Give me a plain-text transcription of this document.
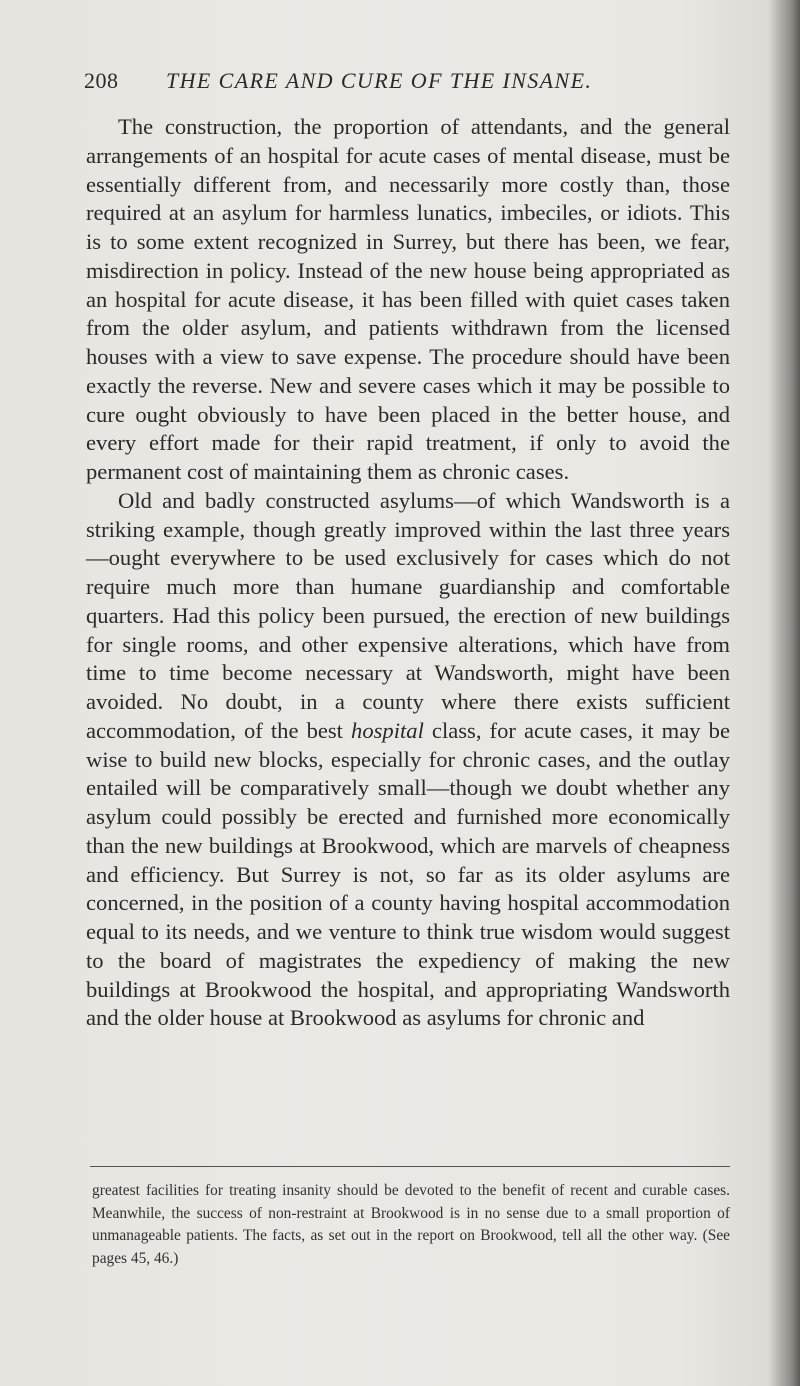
208 THE CARE AND CURE OF THE INSANE.

The construction, the proportion of attendants, and the general arrangements of an hospital for acute cases of mental disease, must be essentially different from, and necessarily more costly than, those required at an asylum for harmless lunatics, imbeciles, or idiots. This is to some extent recognized in Surrey, but there has been, we fear, misdirection in policy. Instead of the new house being appropriated as an hospital for acute disease, it has been filled with quiet cases taken from the older asylum, and patients withdrawn from the licensed houses with a view to save expense. The procedure should have been exactly the reverse. New and severe cases which it may be possible to cure ought obviously to have been placed in the better house, and every effort made for their rapid treatment, if only to avoid the permanent cost of maintaining them as chronic cases.

Old and badly constructed asylums—of which Wandsworth is a striking example, though greatly improved within the last three years—ought everywhere to be used exclusively for cases which do not require much more than humane guardianship and comfortable quarters. Had this policy been pursued, the erection of new buildings for single rooms, and other expensive alterations, which have from time to time become necessary at Wandsworth, might have been avoided. No doubt, in a county where there exists sufficient accommodation, of the best hospital class, for acute cases, it may be wise to build new blocks, especially for chronic cases, and the outlay entailed will be comparatively small—though we doubt whether any asylum could possibly be erected and furnished more economically than the new buildings at Brookwood, which are marvels of cheapness and efficiency. But Surrey is not, so far as its older asylums are concerned, in the position of a county having hospital accommodation equal to its needs, and we venture to think true wisdom would suggest to the board of magistrates the expediency of making the new buildings at Brookwood the hospital, and appropriating Wandsworth and the older house at Brookwood as asylums for chronic and

greatest facilities for treating insanity should be devoted to the benefit of recent and curable cases. Meanwhile, the success of non-restraint at Brookwood is in no sense due to a small proportion of unmanageable patients. The facts, as set out in the report on Brookwood, tell all the other way. (See pages 45, 46.)
